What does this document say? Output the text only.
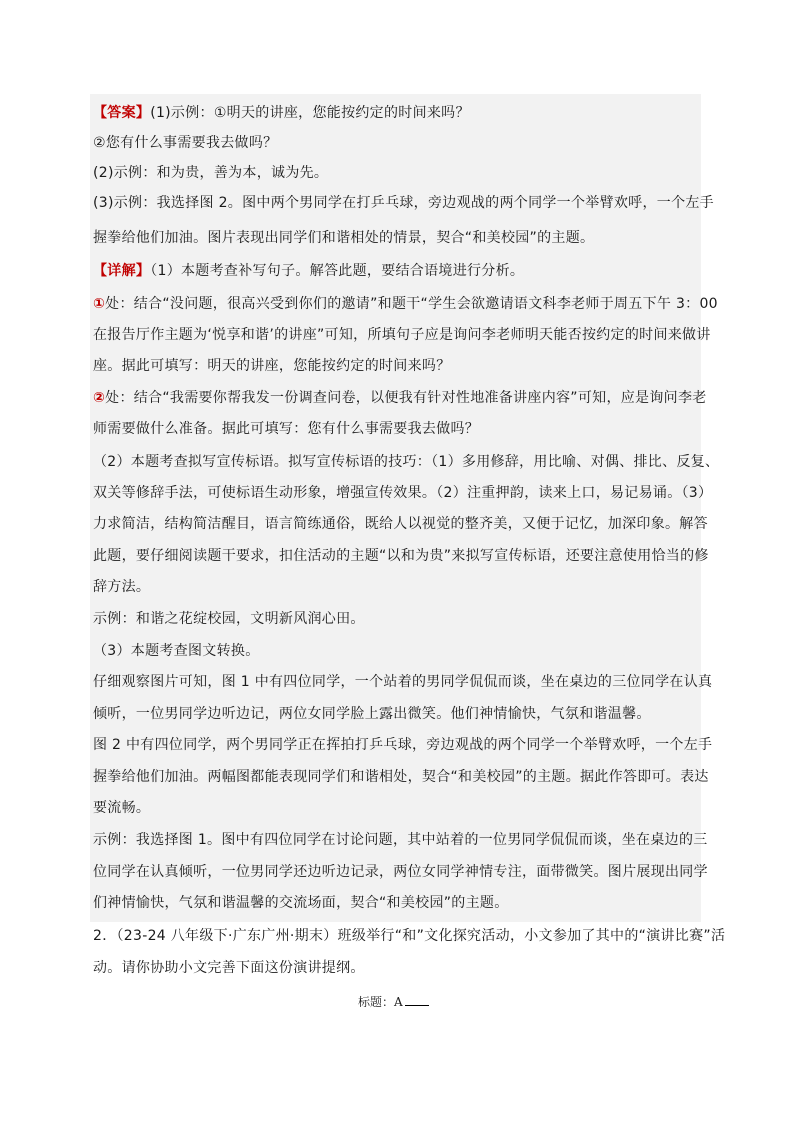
【答案】(1)示例：①明天的讲座，您能按约定的时间来吗？
②您有什么事需要我去做吗？
(2)示例：和为贵，善为本，诚为先。
(3)示例：我选择图 2。图中两个男同学在打乒乓球，旁边观战的两个同学一个举臂欢呼，一个左手
握拳给他们加油。图片表现出同学们和谐相处的情景，契合“和美校园”的主题。
【详解】（1）本题考查补写句子。解答此题，要结合语境进行分析。
①处：结合“没问题，很高兴受到你们的邀请”和题干“学生会欲邀请语文科李老师于周五下午 3：00
在报告厅作主题为‘悦享和谐’的讲座”可知，所填句子应是询问李老师明天能否按约定的时间来做讲
座。据此可填写：明天的讲座，您能按约定的时间来吗？
②处：结合“我需要你帮我发一份调查问卷，以便我有针对性地准备讲座内容”可知，应是询问李老
师需要做什么准备。据此可填写：您有什么事需要我去做吗？
（2）本题考查拟写宣传标语。拟写宣传标语的技巧：（1）多用修辞，用比喻、对偶、排比、反复、
双关等修辞手法，可使标语生动形象，增强宣传效果。（2）注重押韵，读来上口，易记易诵。（3）
力求简洁，结构简洁醒目，语言简练通俗，既给人以视觉的整齐美，又便于记忆，加深印象。解答
此题，要仔细阅读题干要求，扣住活动的主题“以和为贵”来拟写宣传标语，还要注意使用恰当的修
辞方法。
示例：和谐之花绽校园，文明新风润心田。
（3）本题考查图文转换。
仔细观察图片可知，图 1 中有四位同学，一个站着的男同学侃侃而谈，坐在桌边的三位同学在认真
倾听，一位男同学边听边记，两位女同学脸上露出微笑。他们神情愉快，气氛和谐温馨。
图 2 中有四位同学，两个男同学正在挥拍打乒乓球，旁边观战的两个同学一个举臂欢呼，一个左手
握拳给他们加油。两幅图都能表现同学们和谐相处，契合“和美校园”的主题。据此作答即可。表达
要流畅。
示例：我选择图 1。图中有四位同学在讨论问题，其中站着的一位男同学侃侃而谈，坐在桌边的三
位同学在认真倾听，一位男同学还边听边记录，两位女同学神情专注，面带微笑。图片展现出同学
们神情愉快，气氛和谐温馨的交流场面，契合“和美校园”的主题。
2．（23-24 八年级下·广东广州·期末）班级举行“和”文化探究活动，小文参加了其中的“演讲比赛”活
动。请你协助小文完善下面这份演讲提纲。
标题：A
